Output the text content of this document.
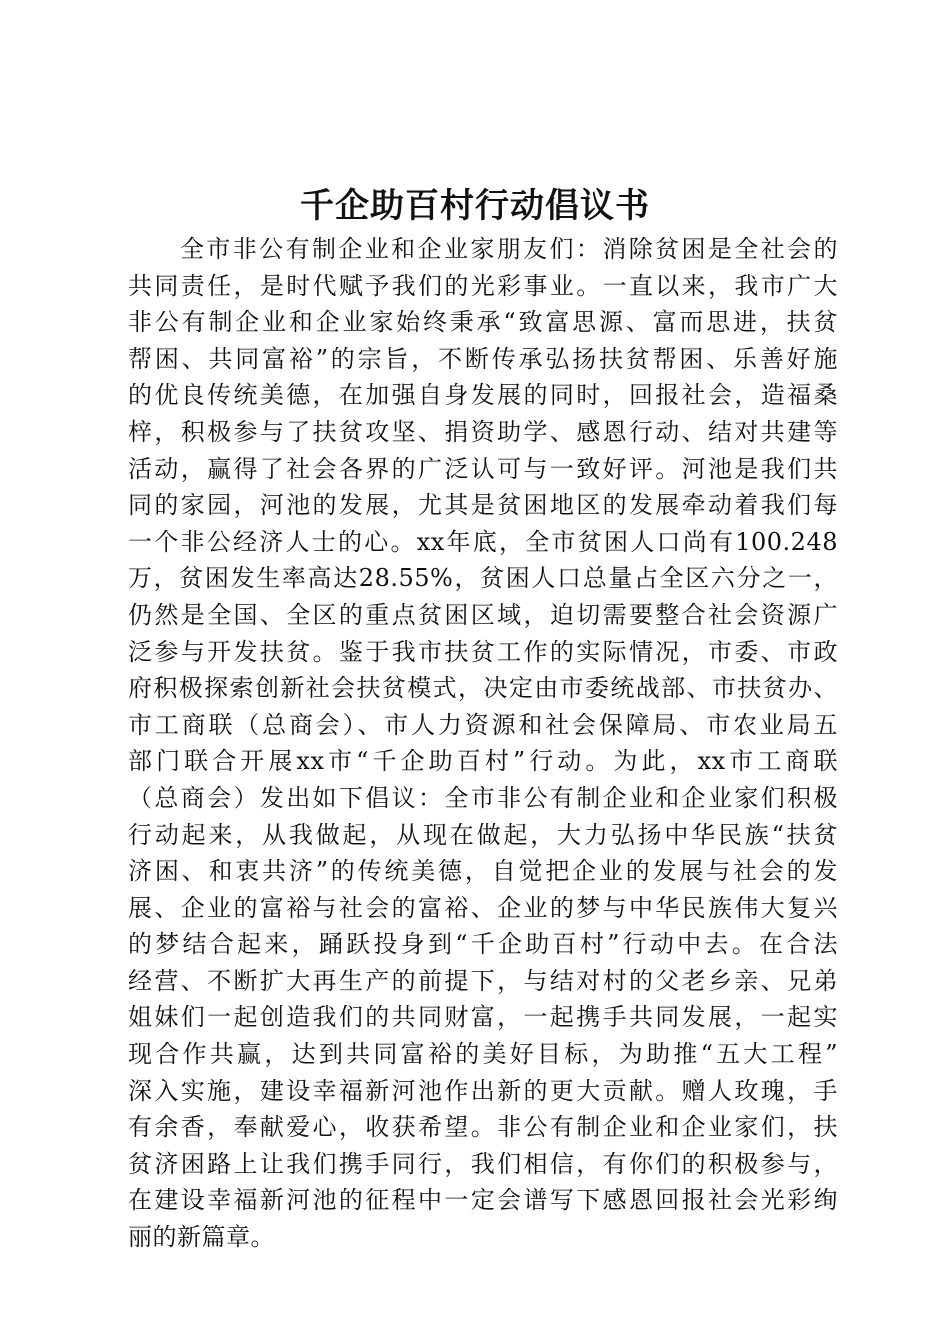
千企助百村行动倡议书
全市非公有制企业和企业家朋友们：消除贫困是全社会的
共同责任，是时代赋予我们的光彩事业。一直以来，我市广大
非公有制企业和企业家始终秉承“致富思源、富而思进，扶贫
帮困、共同富裕”的宗旨，不断传承弘扬扶贫帮困、乐善好施
的优良传统美德，在加强自身发展的同时，回报社会，造福桑
梓，积极参与了扶贫攻坚、捐资助学、感恩行动、结对共建等
活动，赢得了社会各界的广泛认可与一致好评。河池是我们共
同的家园，河池的发展，尤其是贫困地区的发展牵动着我们每
一个非公经济人士的心。xx年底，全市贫困人口尚有100.248
万，贫困发生率高达28.55%，贫困人口总量占全区六分之一，
仍然是全国、全区的重点贫困区域，迫切需要整合社会资源广
泛参与开发扶贫。鉴于我市扶贫工作的实际情况，市委、市政
府积极探索创新社会扶贫模式，决定由市委统战部、市扶贫办、
市工商联（总商会）、市人力资源和社会保障局、市农业局五
部门联合开展xx市“千企助百村”行动。为此，xx市工商联
（总商会）发出如下倡议：全市非公有制企业和企业家们积极
行动起来，从我做起，从现在做起，大力弘扬中华民族“扶贫
济困、和衷共济”的传统美德，自觉把企业的发展与社会的发
展、企业的富裕与社会的富裕、企业的梦与中华民族伟大复兴
的梦结合起来，踊跃投身到“千企助百村”行动中去。在合法
经营、不断扩大再生产的前提下，与结对村的父老乡亲、兄弟
姐妹们一起创造我们的共同财富，一起携手共同发展，一起实
现合作共赢，达到共同富裕的美好目标，为助推“五大工程”
深入实施，建设幸福新河池作出新的更大贡献。赠人玫瑰，手
有余香，奉献爱心，收获希望。非公有制企业和企业家们，扶
贫济困路上让我们携手同行，我们相信，有你们的积极参与，
在建设幸福新河池的征程中一定会谱写下感恩回报社会光彩绚
丽的新篇章。
